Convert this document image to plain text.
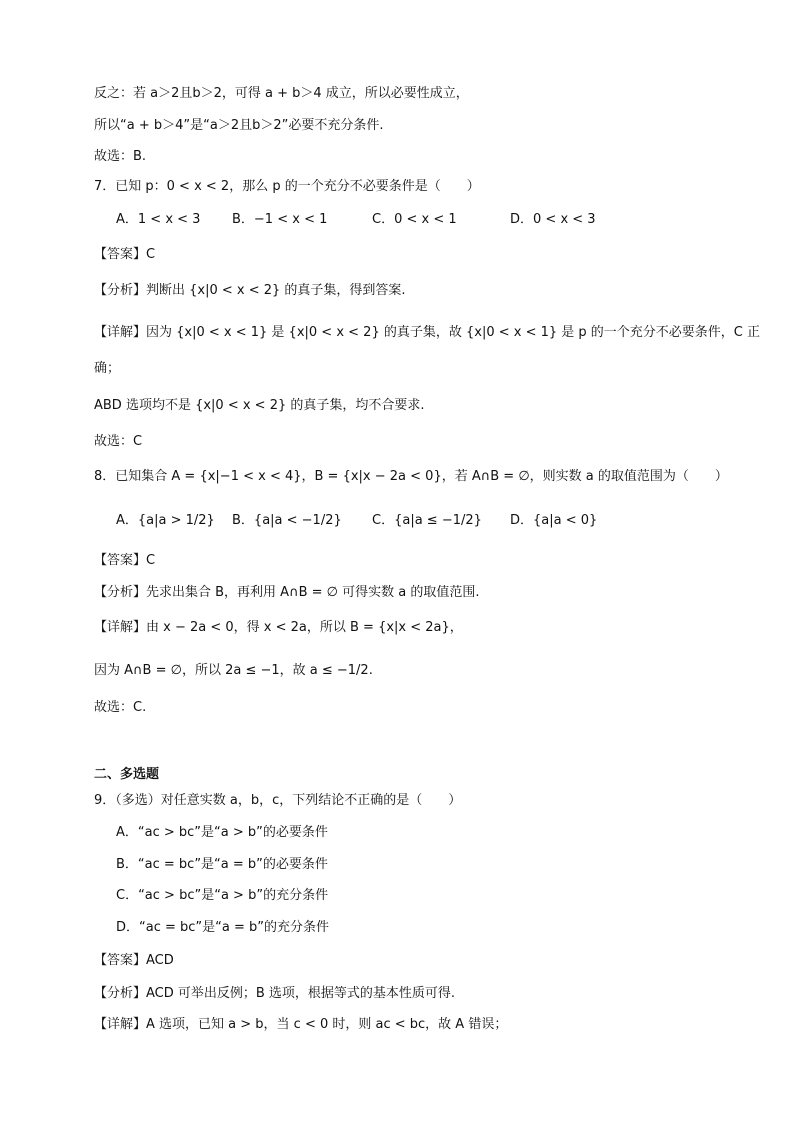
反之：若 a＞2且b＞2，可得 a + b＞4 成立，所以必要性成立，
所以“a + b＞4”是“a＞2且b＞2”必要不充分条件.
故选：B.
7．已知 p：0 < x < 2，那么 p 的一个充分不必要条件是（　　）
A．1 < x < 3 B．−1 < x < 1	C．0 < x < 1	D．0 < x < 3
【答案】C
【分析】判断出 {x|0 < x < 2} 的真子集，得到答案.
【详解】因为 {x|0 < x < 1} 是 {x|0 < x < 2} 的真子集，故 {x|0 < x < 1} 是 p 的一个充分不必要条件，C 正
确；
ABD 选项均不是 {x|0 < x < 2} 的真子集，均不合要求.
故选：C
8．已知集合 A = {x|−1 < x < 4}，B = {x|x − 2a < 0}，若 A∩B = ∅，则实数 a 的取值范围为（　　）
A．{a|a > 1/2} B．{a|a < −1/2} C．{a|a ≤ −1/2} D．{a|a < 0}
【答案】C
【分析】先求出集合 B，再利用 A∩B = ∅ 可得实数 a 的取值范围.
【详解】由 x − 2a < 0，得 x < 2a，所以 B = {x|x < 2a}，
因为 A∩B = ∅，所以 2a ≤ −1，故 a ≤ −1/2.
故选：C.
二、多选题
9．（多选）对任意实数 a，b，c，下列结论不正确的是（　　）
A．“ac > bc”是“a > b”的必要条件
B．“ac = bc”是“a = b”的必要条件
C．“ac > bc”是“a > b”的充分条件
D．“ac = bc”是“a = b”的充分条件
【答案】ACD
【分析】ACD 可举出反例；B 选项，根据等式的基本性质可得.
【详解】A 选项，已知 a > b，当 c < 0 时，则 ac < bc，故 A 错误；
